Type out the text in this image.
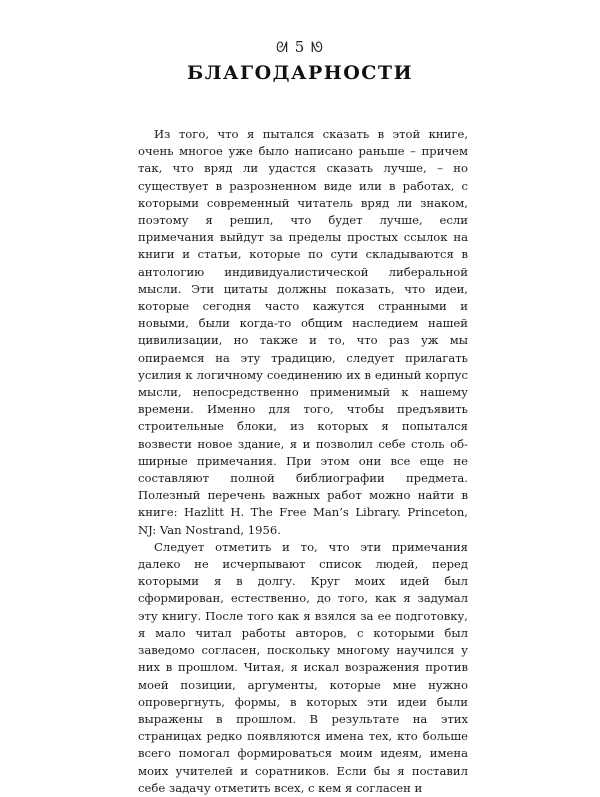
ᘛ 5 ᘚ
БЛАГОДАРНОСТИ

Из того, что я пытался сказать в этой книге, очень многое уже было написано раньше – причем так, что вряд ли удастся сказать лучше, – но существует в разрозненном виде или в работах, с которыми современный читатель вряд ли знаком, поэтому я решил, что будет лучше, если примечания выйдут за пределы простых ссылок на книги и статьи, которые по сути складываются в антологию индивидуалистической либеральной мысли. Эти цитаты должны показать, что идеи, которые сегодня часто кажутся странными и новыми, были когда-то общим наследием нашей цивилизации, но также и то, что раз уж мы опираемся на эту традицию, следует прилагать усилия к логичному соединению их в единый корпус мысли, непосредственно применимый к нашему времени. Именно для того, чтобы предъявить строительные блоки, из которых я попытался возвести новое здание, я и позволил себе столь обширные примечания. При этом они все еще не составляют полной библиографии предмета. Полезный перечень важных работ можно найти в книге: Hazlitt H. The Free Man’s Library. Princeton, NJ: Van Nostrand, 1956.

Следует отметить и то, что эти примечания далеко не исчерпывают список людей, перед которыми я в долгу. Круг моих идей был сформирован, естественно, до того, как я задумал эту книгу. После того как я взялся за ее подготовку, я мало читал работы авторов, с которыми был заведомо согласен, поскольку многому научился у них в прошлом. Читая, я искал возражения против моей позиции, аргументы, которые мне нужно опровергнуть, формы, в которых эти идеи были выражены в прошлом. В результате на этих страницах редко появляются имена тех, кто больше всего помогал формироваться моим идеям, имена моих учителей и соратников. Если бы я поставил себе задачу отметить всех, с кем я согласен и
